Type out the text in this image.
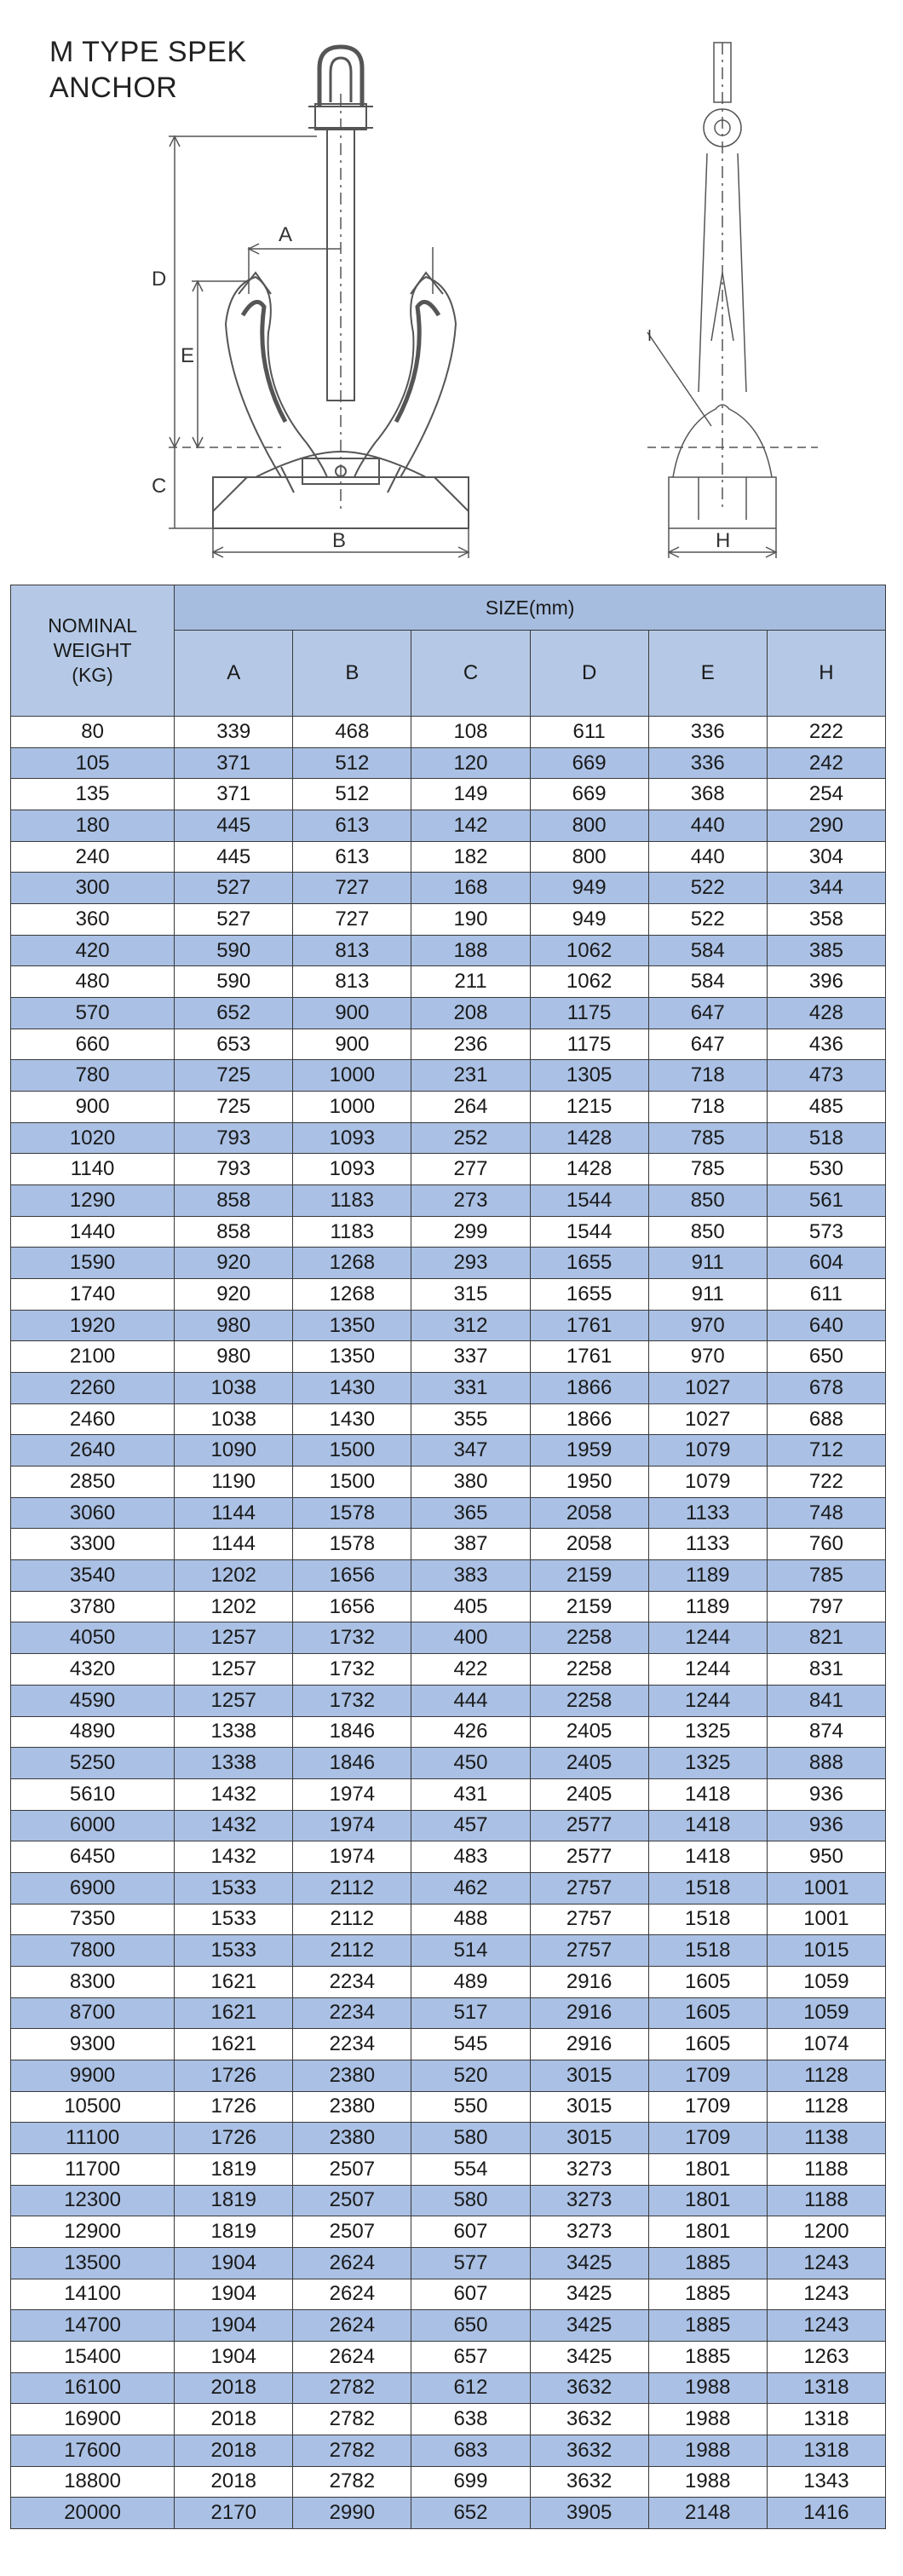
M TYPE SPEK
ANCHOR
D
E
C
A
B	H
I
NOMINAL
WEIGHT
(KG)	SIZE(mm)					
	A	B	C	D	E	H
80	339	468	108	611	336	222
105	371	512	120	669	336	242
135	371	512	149	669	368	254
180	445	613	142	800	440	290
240	445	613	182	800	440	304
300	527	727	168	949	522	344
360	527	727	190	949	522	358
420	590	813	188	1062	584	385
480	590	813	211	1062	584	396
570	652	900	208	1175	647	428
660	653	900	236	1175	647	436
780	725	1000	231	1305	718	473
900	725	1000	264	1215	718	485
1020	793	1093	252	1428	785	518
1140	793	1093	277	1428	785	530
1290	858	1183	273	1544	850	561
1440	858	1183	299	1544	850	573
1590	920	1268	293	1655	911	604
1740	920	1268	315	1655	911	611
1920	980	1350	312	1761	970	640
2100	980	1350	337	1761	970	650
2260	1038	1430	331	1866	1027	678
2460	1038	1430	355	1866	1027	688
2640	1090	1500	347	1959	1079	712
2850	1190	1500	380	1950	1079	722
3060	1144	1578	365	2058	1133	748
3300	1144	1578	387	2058	1133	760
3540	1202	1656	383	2159	1189	785
3780	1202	1656	405	2159	1189	797
4050	1257	1732	400	2258	1244	821
4320	1257	1732	422	2258	1244	831
4590	1257	1732	444	2258	1244	841
4890	1338	1846	426	2405	1325	874
5250	1338	1846	450	2405	1325	888
5610	1432	1974	431	2405	1418	936
6000	1432	1974	457	2577	1418	936
6450	1432	1974	483	2577	1418	950
6900	1533	2112	462	2757	1518	1001
7350	1533	2112	488	2757	1518	1001
7800	1533	2112	514	2757	1518	1015
8300	1621	2234	489	2916	1605	1059
8700	1621	2234	517	2916	1605	1059
9300	1621	2234	545	2916	1605	1074
9900	1726	2380	520	3015	1709	1128
10500	1726	2380	550	3015	1709	1128
11100	1726	2380	580	3015	1709	1138
11700	1819	2507	554	3273	1801	1188
12300	1819	2507	580	3273	1801	1188
12900	1819	2507	607	3273	1801	1200
13500	1904	2624	577	3425	1885	1243
14100	1904	2624	607	3425	1885	1243
14700	1904	2624	650	3425	1885	1243
15400	1904	2624	657	3425	1885	1263
16100	2018	2782	612	3632	1988	1318
16900	2018	2782	638	3632	1988	1318
17600	2018	2782	683	3632	1988	1318
18800	2018	2782	699	3632	1988	1343
20000	2170	2990	652	3905	2148	1416
